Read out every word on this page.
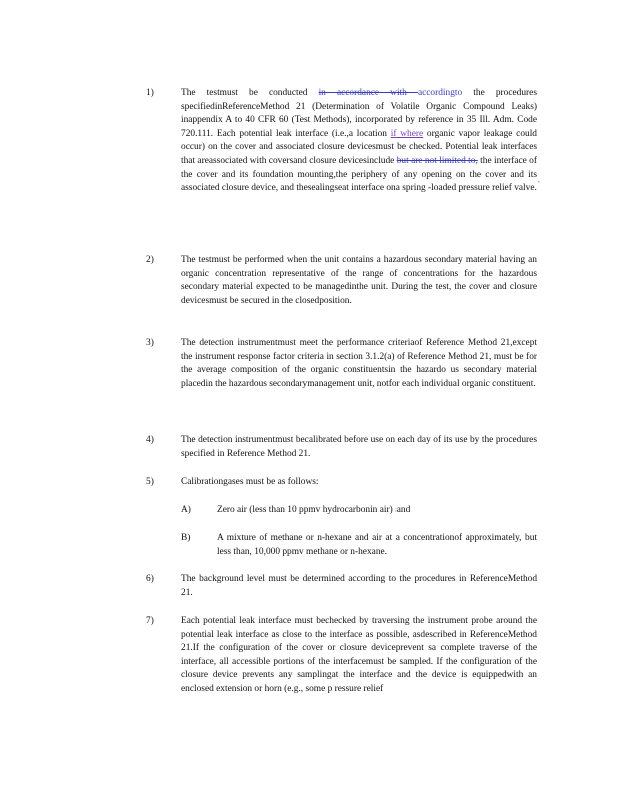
1)	The testmust be conducted in accordance with accordingto the procedures specifiedinReferenceMethod 21 (Determination of Volatile Organic Compound Leaks) inappendix A to 40 CFR 60 (Test Methods), incorporated by reference in 35 Ill. Adm. Code 720.111. Each potential leak interface (i.e.,a location if where organic vapor leakage could occur) on the cover and associated closure devicesmust be checked. Potential leak interfaces that areassociated with coversand closure devicesinclude but are not limited to, the interface of the cover and its foundation mounting,the periphery of any opening on the cover and its associated closure device, and thesealingseat interface ona spring -loaded pressure relief valve.

,
2)	The testmust be performed when the unit contains a hazardous secondary material having an organic concentration representative of the range of concentrations for the hazardous secondary material expected to be managedinthe unit. During the test, the cover and closure devicesmust be secured in the closedposition.

3)	The detection instrumentmust meet the performance criteriaof Reference Method 21,except the instrument response factor criteria in section 3.1.2(a) of Reference Method 21, must be for the average composition of the organic constituentsin the hazardo us secondary material placedin the hazardous secondarymanagement unit, notfor each individual organic constituent.

4)	The detection instrumentmust becalibrated before use on each day of its use by the procedures specified in Reference Method 21.

5)	Calibrationgases must be as follows:

A)	Zero air (less than 10 ppmv hydrocarbonin air) ;and
B)	A mixture of methane or n-hexane and air at a concentrationof approximately, but less than, 10,000 ppmv methane or n-hexane.
6)	The background level must be determined according to the procedures in ReferenceMethod 21.

7)	Each potential leak interface must bechecked by traversing the instrument probe around the potential leak interface as close to the interface as possible, asdescribed in ReferenceMethod 21.If the configuration of the cover or closure deviceprevent sa complete traverse of the interface, all accessible portions of the interfacemust be sampled. If the configuration of the closure device prevents any samplingat the interface and the device is equippedwith an enclosed extension or horn (e.g., some p ressure relief
